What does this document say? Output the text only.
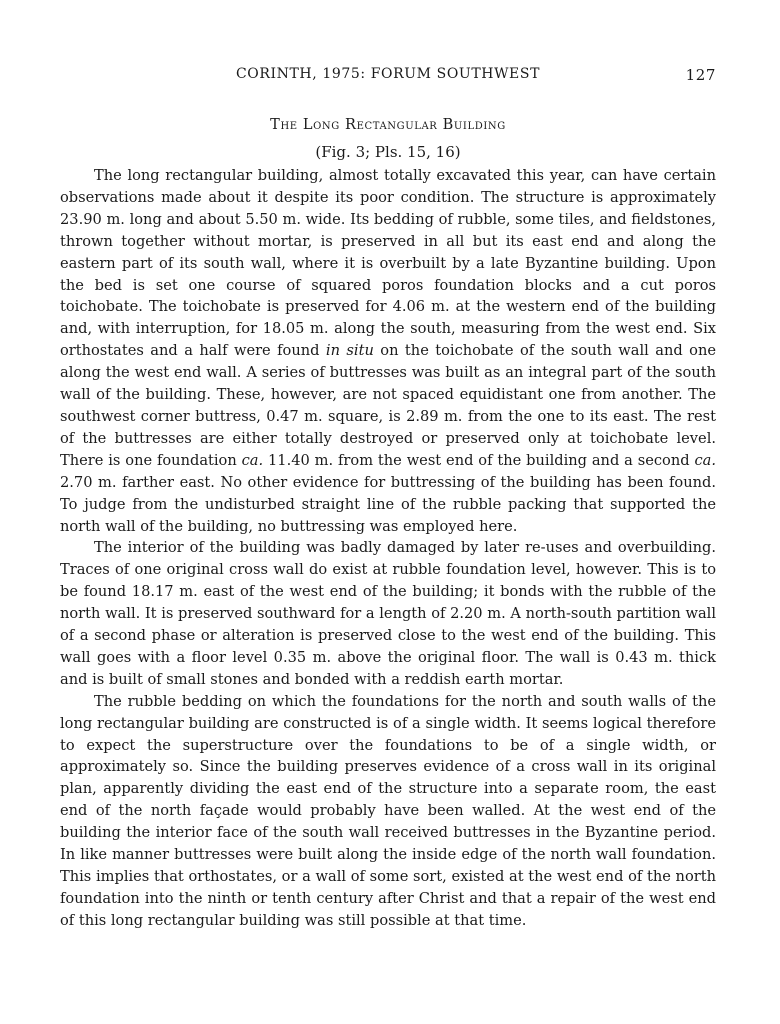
CORINTH, 1975: FORUM SOUTHWEST	127
The Long Rectangular Building
(Fig. 3; Pls. 15, 16)

The long rectangular building, almost totally excavated this year, can have certain observations made about it despite its poor condition. The structure is approximately 23.90 m. long and about 5.50 m. wide. Its bedding of rubble, some tiles, and fieldstones, thrown together without mortar, is preserved in all but its east end and along the eastern part of its south wall, where it is overbuilt by a late Byzantine building. Upon the bed is set one course of squared poros foundation blocks and a cut poros toichobate. The toichobate is preserved for 4.06 m. at the western end of the building and, with interruption, for 18.05 m. along the south, measuring from the west end. Six orthostates and a half were found in situ on the toichobate of the south wall and one along the west end wall. A series of buttresses was built as an integral part of the south wall of the building. These, however, are not spaced equidistant one from another. The southwest corner buttress, 0.47 m. square, is 2.89 m. from the one to its east. The rest of the buttresses are either totally destroyed or preserved only at toichobate level. There is one foundation ca. 11.40 m. from the west end of the building and a second ca. 2.70 m. farther east. No other evidence for buttressing of the building has been found. To judge from the undisturbed straight line of the rubble packing that supported the north wall of the building, no buttressing was employed here.

The interior of the building was badly damaged by later re-uses and overbuilding. Traces of one original cross wall do exist at rubble foundation level, however. This is to be found 18.17 m. east of the west end of the building; it bonds with the rubble of the north wall. It is preserved southward for a length of 2.20 m. A north-south partition wall of a second phase or alteration is preserved close to the west end of the building. This wall goes with a floor level 0.35 m. above the original floor. The wall is 0.43 m. thick and is built of small stones and bonded with a reddish earth mortar.

The rubble bedding on which the foundations for the north and south walls of the long rectangular building are constructed is of a single width. It seems logical therefore to expect the superstructure over the foundations to be of a single width, or approximately so. Since the building preserves evidence of a cross wall in its original plan, apparently dividing the east end of the structure into a separate room, the east end of the north façade would probably have been walled. At the west end of the building the interior face of the south wall received buttresses in the Byzantine period. In like manner buttresses were built along the inside edge of the north wall foundation. This implies that orthostates, or a wall of some sort, existed at the west end of the north foundation into the ninth or tenth century after Christ and that a repair of the west end of this long rectangular building was still possible at that time.
